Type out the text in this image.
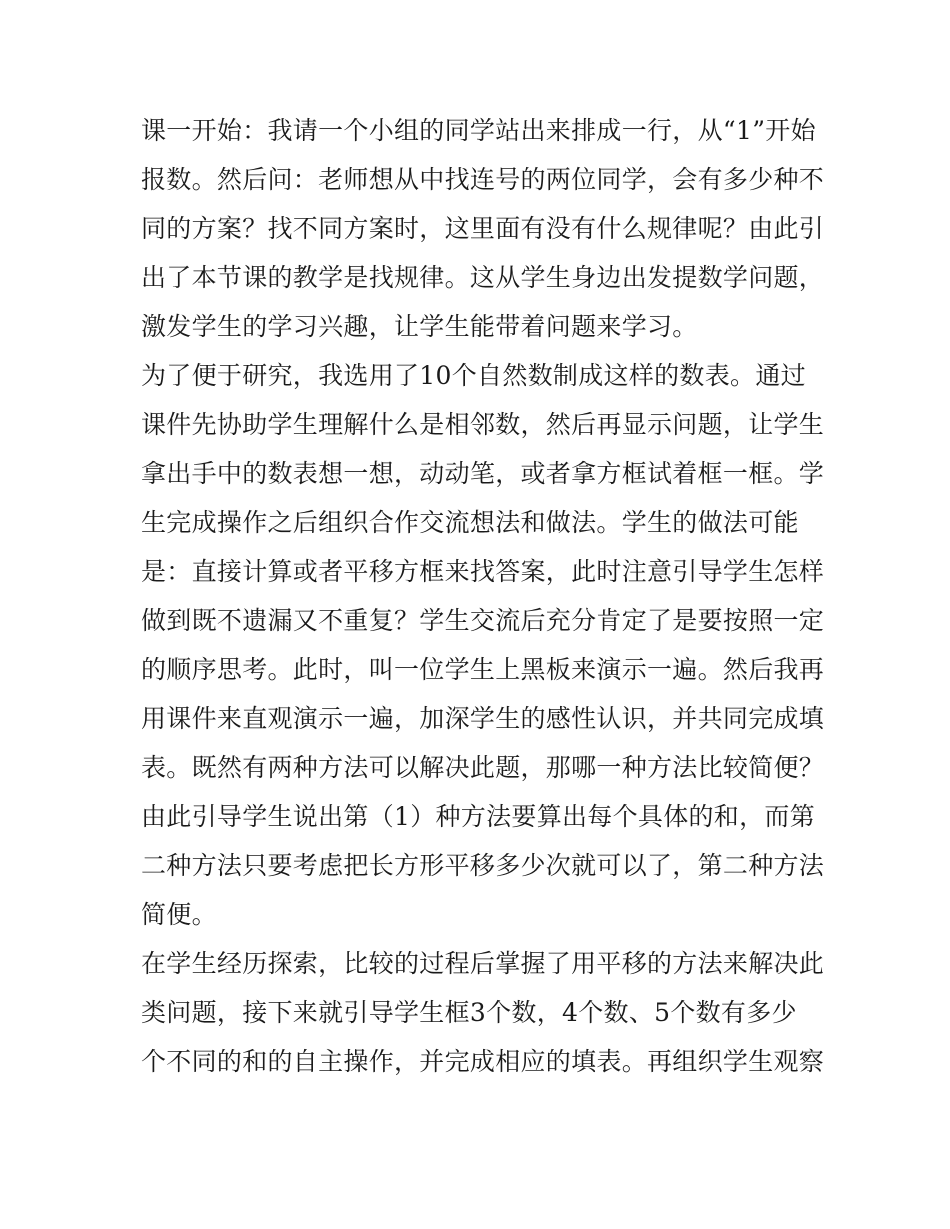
课一开始：我请一个小组的同学站出来排成一行，从“1”开始
报数。然后问：老师想从中找连号的两位同学，会有多少种不
同的方案？找不同方案时，这里面有没有什么规律呢？由此引
出了本节课的教学是找规律。这从学生身边出发提数学问题，
激发学生的学习兴趣，让学生能带着问题来学习。
为了便于研究，我选用了10个自然数制成这样的数表。通过
课件先协助学生理解什么是相邻数，然后再显示问题，让学生
拿出手中的数表想一想，动动笔，或者拿方框试着框一框。学
生完成操作之后组织合作交流想法和做法。学生的做法可能
是：直接计算或者平移方框来找答案，此时注意引导学生怎样
做到既不遗漏又不重复？学生交流后充分肯定了是要按照一定
的顺序思考。此时，叫一位学生上黑板来演示一遍。然后我再
用课件来直观演示一遍，加深学生的感性认识，并共同完成填
表。既然有两种方法可以解决此题，那哪一种方法比较简便？
由此引导学生说出第（1）种方法要算出每个具体的和，而第
二种方法只要考虑把长方形平移多少次就可以了，第二种方法
简便。
在学生经历探索，比较的过程后掌握了用平移的方法来解决此
类问题，接下来就引导学生框3个数，4个数、5个数有多少
个不同的和的自主操作，并完成相应的填表。再组织学生观察
